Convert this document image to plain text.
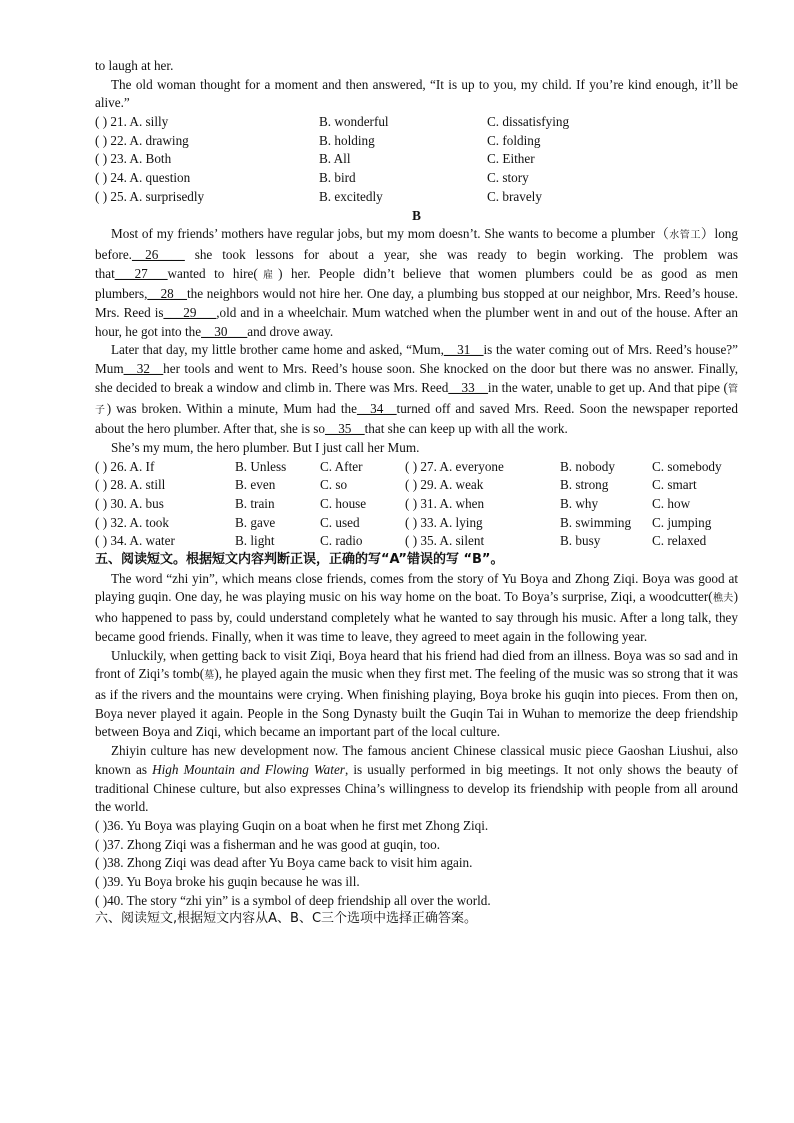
to laugh at her.

The old woman thought for a moment and then answered, “It is up to you, my child. If you’re kind enough, it’ll be alive.”

( ) 21. A. silly	B. wonderful	C. dissatisfying
( ) 22. A. drawing	B. holding	C. folding
( ) 23. A. Both	B. All	C. Either
( ) 24. A. question	B. bird	C. story
( ) 25. A. surprisedly	B. excitedly	C. bravely
B

Most of my friends’ mothers have regular jobs, but my mom doesn’t. She wants to become a plumber（水管工）long before.__26____ she took lessons for about a year, she was ready to begin working. The problem was that___27___wanted to hire(雇) her. People didn’t believe that women plumbers could be as good as men plumbers,__28__the neighbors would not hire her. One day, a plumbing bus stopped at our neighbor, Mrs. Reed’s house. Mrs. Reed is___29___,old and in a wheelchair. Mum watched when the plumber went in and out of the house. After an hour, he got into the__30___and drove away.

Later that day, my little brother came home and asked, “Mum,__31__is the water coming out of Mrs. Reed’s house?” Mum__32__her tools and went to Mrs. Reed’s house soon. She knocked on the door but there was no answer. Finally, she decided to break a window and climb in. There was Mrs. Reed__33__in the water, unable to get up. And that pipe (管子) was broken. Within a minute, Mum had the__34__turned off and saved Mrs. Reed. Soon the newspaper reported about the hero plumber. After that, she is so__35__that she can keep up with all the work.

She’s my mum, the hero plumber. But I just call her Mum.

( ) 26. A. If	B. Unless	C. After	( ) 27. A. everyone	B. nobody	C. somebody
( ) 28. A. still	B. even	C. so	( ) 29. A. weak	B. strong	C. smart
( ) 30. A. bus	B. train	C. house	( ) 31. A. when	B. why	C. how
( ) 32. A. took	B. gave	C. used	( ) 33. A. lying	B. swimming	C. jumping
( ) 34. A. water	B. light	C. radio	( ) 35. A. silent	B. busy	C. relaxed
五、阅读短文。根据短文内容判断正误，正确的写“A”错误的写 “B”。

The word “zhi yin”, which means close friends, comes from the story of Yu Boya and Zhong Ziqi. Boya was good at playing guqin. One day, he was playing music on his way home on the boat. To Boya’s surprise, Ziqi, a woodcutter(樵夫) who happened to pass by, could understand completely what he wanted to say through his music. After a long talk, they became good friends. Finally, when it was time to leave, they agreed to meet again in the following year.

Unluckily, when getting back to visit Ziqi, Boya heard that his friend had died from an illness. Boya was so sad and in front of Ziqi’s tomb(墓), he played again the music when they first met. The feeling of the music was so strong that it was as if the rivers and the mountains were crying. When finishing playing, Boya broke his guqin into pieces. From then on, Boya never played it again. People in the Song Dynasty built the Guqin Tai in Wuhan to memorize the deep friendship between Boya and Ziqi, which became an important part of the local culture.

Zhiyin culture has new development now. The famous ancient Chinese classical music piece Gaoshan Liushui, also known as High Mountain and Flowing Water, is usually performed in big meetings. It not only shows the beauty of traditional Chinese culture, but also expresses China’s willingness to develop its friendship with people from all around the world.

( )36. Yu Boya was playing Guqin on a boat when he first met Zhong Ziqi.
( )37. Zhong Ziqi was a fisherman and he was good at guqin, too.
( )38. Zhong Ziqi was dead after Yu Boya came back to visit him again.
( )39. Yu Boya broke his guqin because he was ill.
( )40. The story “zhi yin” is a symbol of deep friendship all over the world.
六、阅读短文,根据短文内容从A、B、C三个选项中选择正确答案。
